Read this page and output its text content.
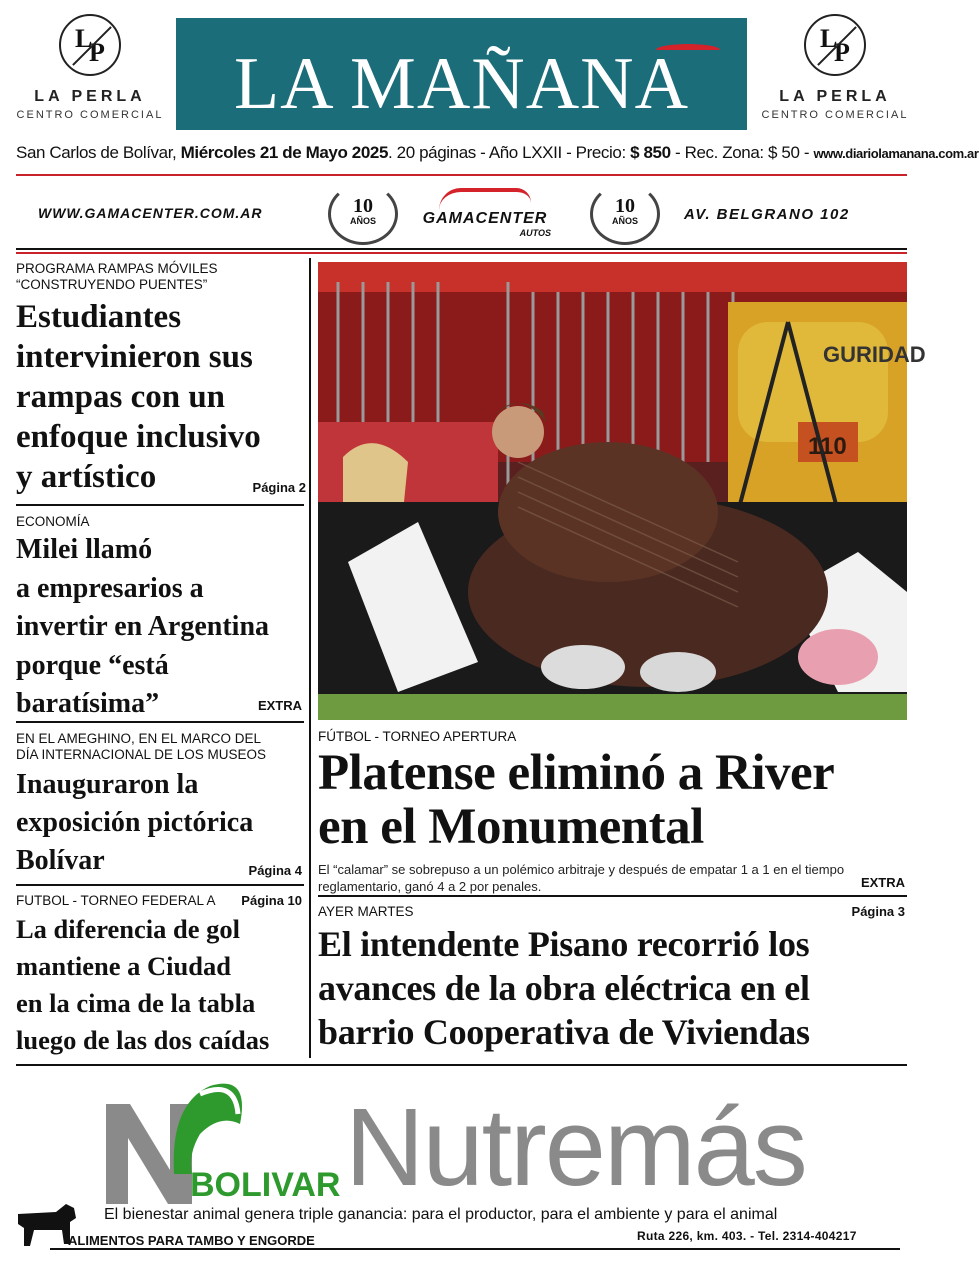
L
P
LA PERLA
CENTRO COMERCIAL
L
P
LA PERLA
CENTRO COMERCIAL
LA MAÑANA
San Carlos de Bolívar, Miércoles 21 de Mayo 2025. 20 páginas - Año LXXII - Precio: $ 850 - Rec. Zona: $ 50 - www.diariolamanana.com.ar
WWW.GAMACENTER.COM.AR	10
AÑOS	GAMACENTER
AUTOS
10
AÑOS	AV. BELGRANO 102
PROGRAMA RAMPAS MÓVILES
“CONSTRUYENDO PUENTES”
Estudiantes
intervinieron sus
rampas con un
enfoque inclusivo
y artístico	Página 2
ECONOMÍA
Milei llamó
a empresarios a
invertir en Argentina
porque “está
baratísima”	EXTRA
EN EL AMEGHINO, EN EL MARCO DEL
DÍA INTERNACIONAL DE LOS MUSEOS
Inauguraron la
exposición pictórica
Bolívar	Página 4
FUTBOL - TORNEO FEDERAL A	Página 10
La diferencia de gol
mantiene a Ciudad
en la cima de la tabla
luego de las dos caídas
GURIDAD
110
FÚTBOL - TORNEO APERTURA
Platense eliminó a River
en el Monumental
El “calamar” se sobrepuso a un polémico arbitraje y después de empatar 1 a 1 en el tiempo
reglamentario, ganó 4 a 2 por penales.	EXTRA
AYER MARTES	Página 3
El intendente Pisano recorrió los
avances de la obra eléctrica en el
barrio Cooperativa de Viviendas
BOLIVAR Nutremás
El bienestar animal genera triple ganancia: para el productor, para el ambiente y para el animal
ALIMENTOS PARA TAMBO Y ENGORDE	Ruta 226, km. 403. - Tel. 2314-404217
